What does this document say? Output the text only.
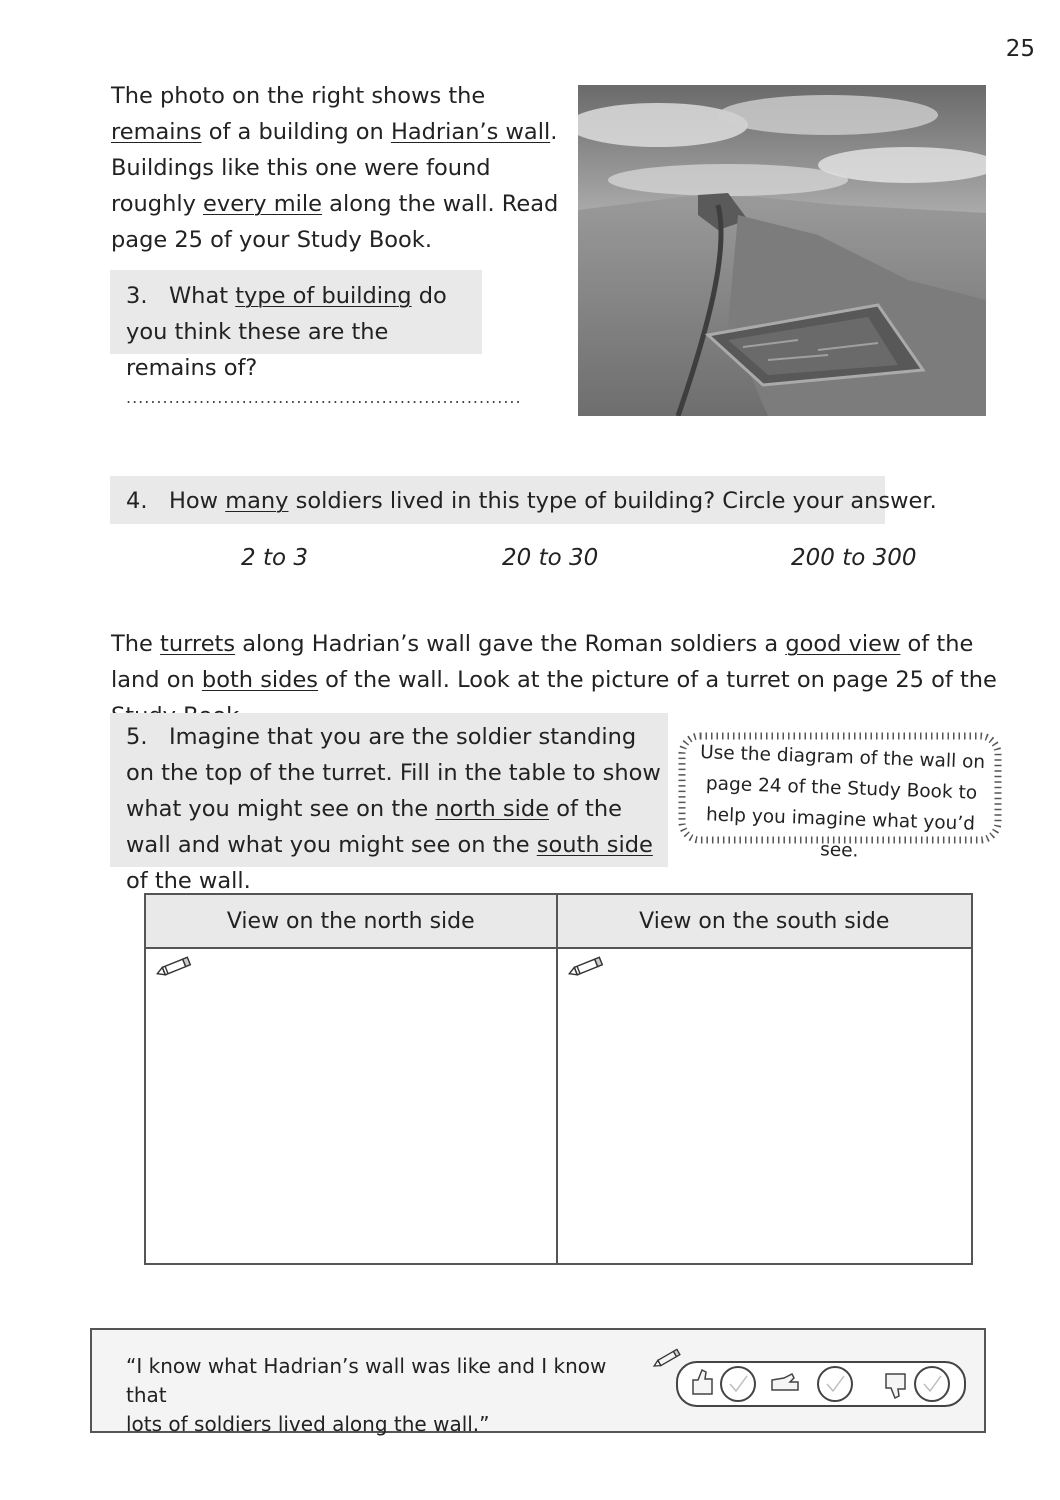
25
The photo on the right shows the remains of a building on Hadrian’s wall. Buildings like this one were found roughly every mile along the wall. Read page 25 of your Study Book.
3. What type of building do you think these are the remains of?
.................................................................
4. How many soldiers lived in this type of building? Circle your answer.
2 to 3	20 to 30	200 to 300
The turrets along Hadrian’s wall gave the Roman soldiers a good view of the land on both sides of the wall. Look at the picture of a turret on page 25 of the
5. Imagine that you are the soldier standing on the top of the turret. Fill in the table to show what you might see on the north side of the wall and what you might see on the south side of the wall.
Use the diagram of the wall on
page 24 of the Study Book to
help you imagine what you’d see.
View on the north side	View on the south side

“I know what Hadrian’s wall was like and I know that
lots of soldiers lived along the wall.”
